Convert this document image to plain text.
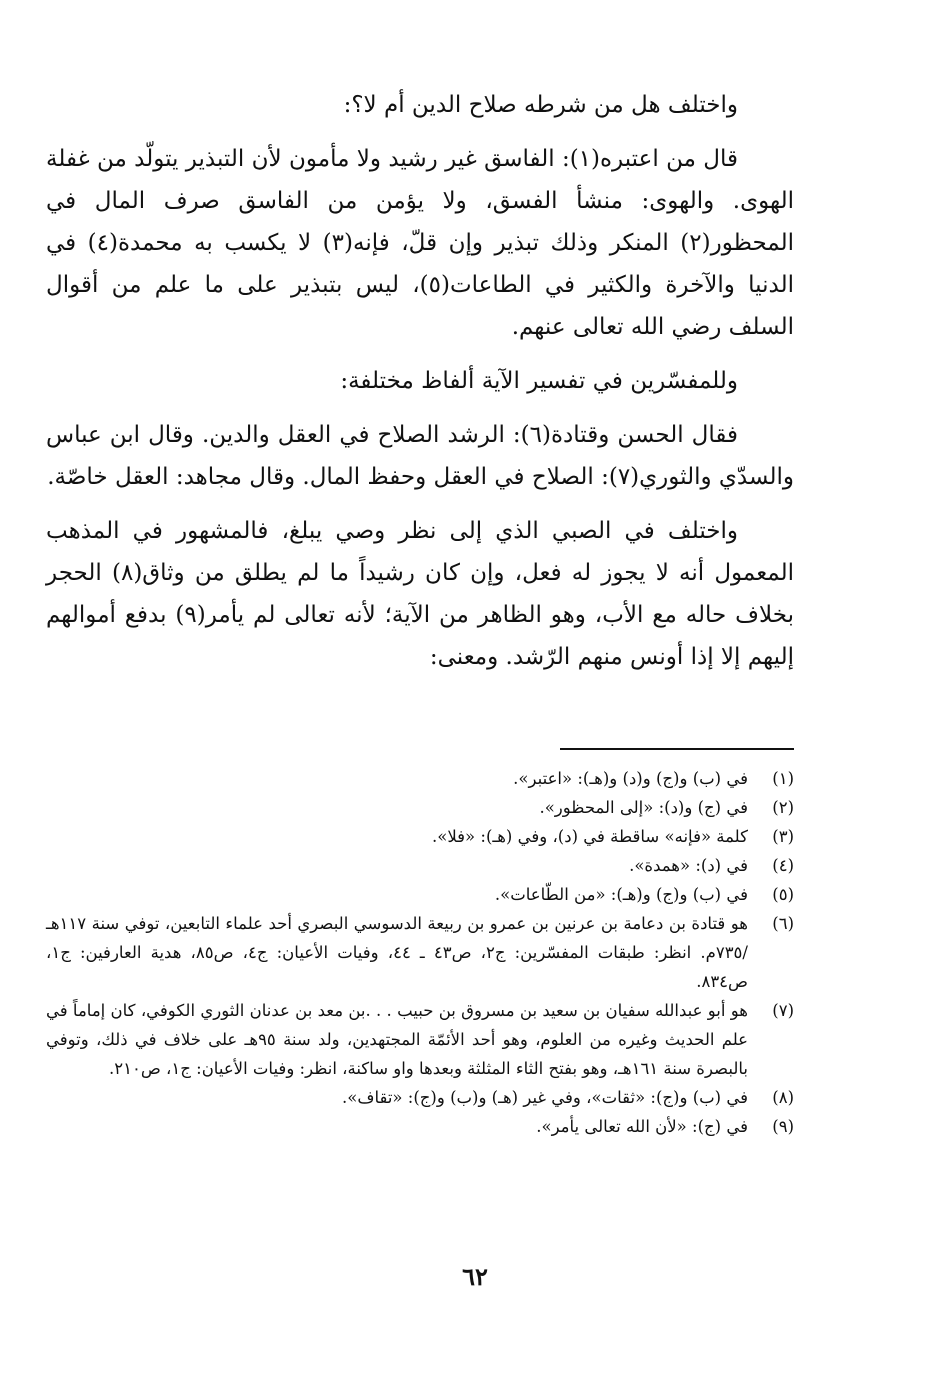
واختلف هل من شرطه صلاح الدين أم لا؟:

قال من اعتبره(١): الفاسق غير رشيد ولا مأمون لأن التبذير يتولّد من غفلة الهوى. والهوى: منشأ الفسق، ولا يؤمن من الفاسق صرف المال في المحظور(٢) المنكر وذلك تبذير وإن قلّ، فإنه(٣) لا يكسب به محمدة(٤) في الدنيا والآخرة والكثير في الطاعات(٥)، ليس بتبذير على ما علم من أقوال السلف رضي الله تعالى عنهم.

وللمفسّرين في تفسير الآية ألفاظ مختلفة:

فقال الحسن وقتادة(٦): الرشد الصلاح في العقل والدين. وقال ابن عباس والسدّي والثوري(٧): الصلاح في العقل وحفظ المال. وقال مجاهد: العقل خاصّة.

واختلف في الصبي الذي إلى نظر وصي يبلغ، فالمشهور في المذهب المعمول أنه لا يجوز له فعل، وإن كان رشيداً ما لم يطلق من وثاق(٨) الحجر بخلاف حاله مع الأب، وهو الظاهر من الآية؛ لأنه تعالى لم يأمر(٩) بدفع أموالهم إليهم إلا إذا أونس منهم الرّشد. ومعنى:

(١)
في (ب) و(ج) و(د) و(هـ): «اعتبر».
(٢)
في (ج) و(د): «إلى المحظور».
(٣)
كلمة «فإنه» ساقطة في (د)، وفي (هـ): «فلا».
(٤)
في (د): «همدة».
(٥)
في (ب) و(ج) و(هـ): «من الطّاعات».
(٦)
هو قتادة بن دعامة بن عرنين بن عمرو بن ربيعة الدسوسي البصري أحد علماء التابعين، توفي سنة ١١٧هـ /٧٣٥م. انظر: طبقات المفسّرين: ج٢، ص٤٣ ـ ٤٤، وفيات الأعيان: ج٤، ص٨٥، هدية العارفين: ج١، ص٨٣٤.
(٧)
هو أبو عبدالله سفيان بن سعيد بن مسروق بن حبيب . . .بن معد بن عدنان الثوري الكوفي، كان إماماً في علم الحديث وغيره من العلوم، وهو أحد الأئمّة المجتهدين، ولد سنة ٩٥هـ على خلاف في ذلك، وتوفي بالبصرة سنة ١٦١هـ، وهو بفتح الثاء المثلثة وبعدها واو ساكنة، انظر: وفيات الأعيان: ج١، ص٢١٠.
(٨)
في (ب) و(ج): «ثقات»، وفي غير (هـ) و(ب) و(ج): «تقاف».
(٩)
في (ج): «لأن الله تعالى يأمر».
٦٢
